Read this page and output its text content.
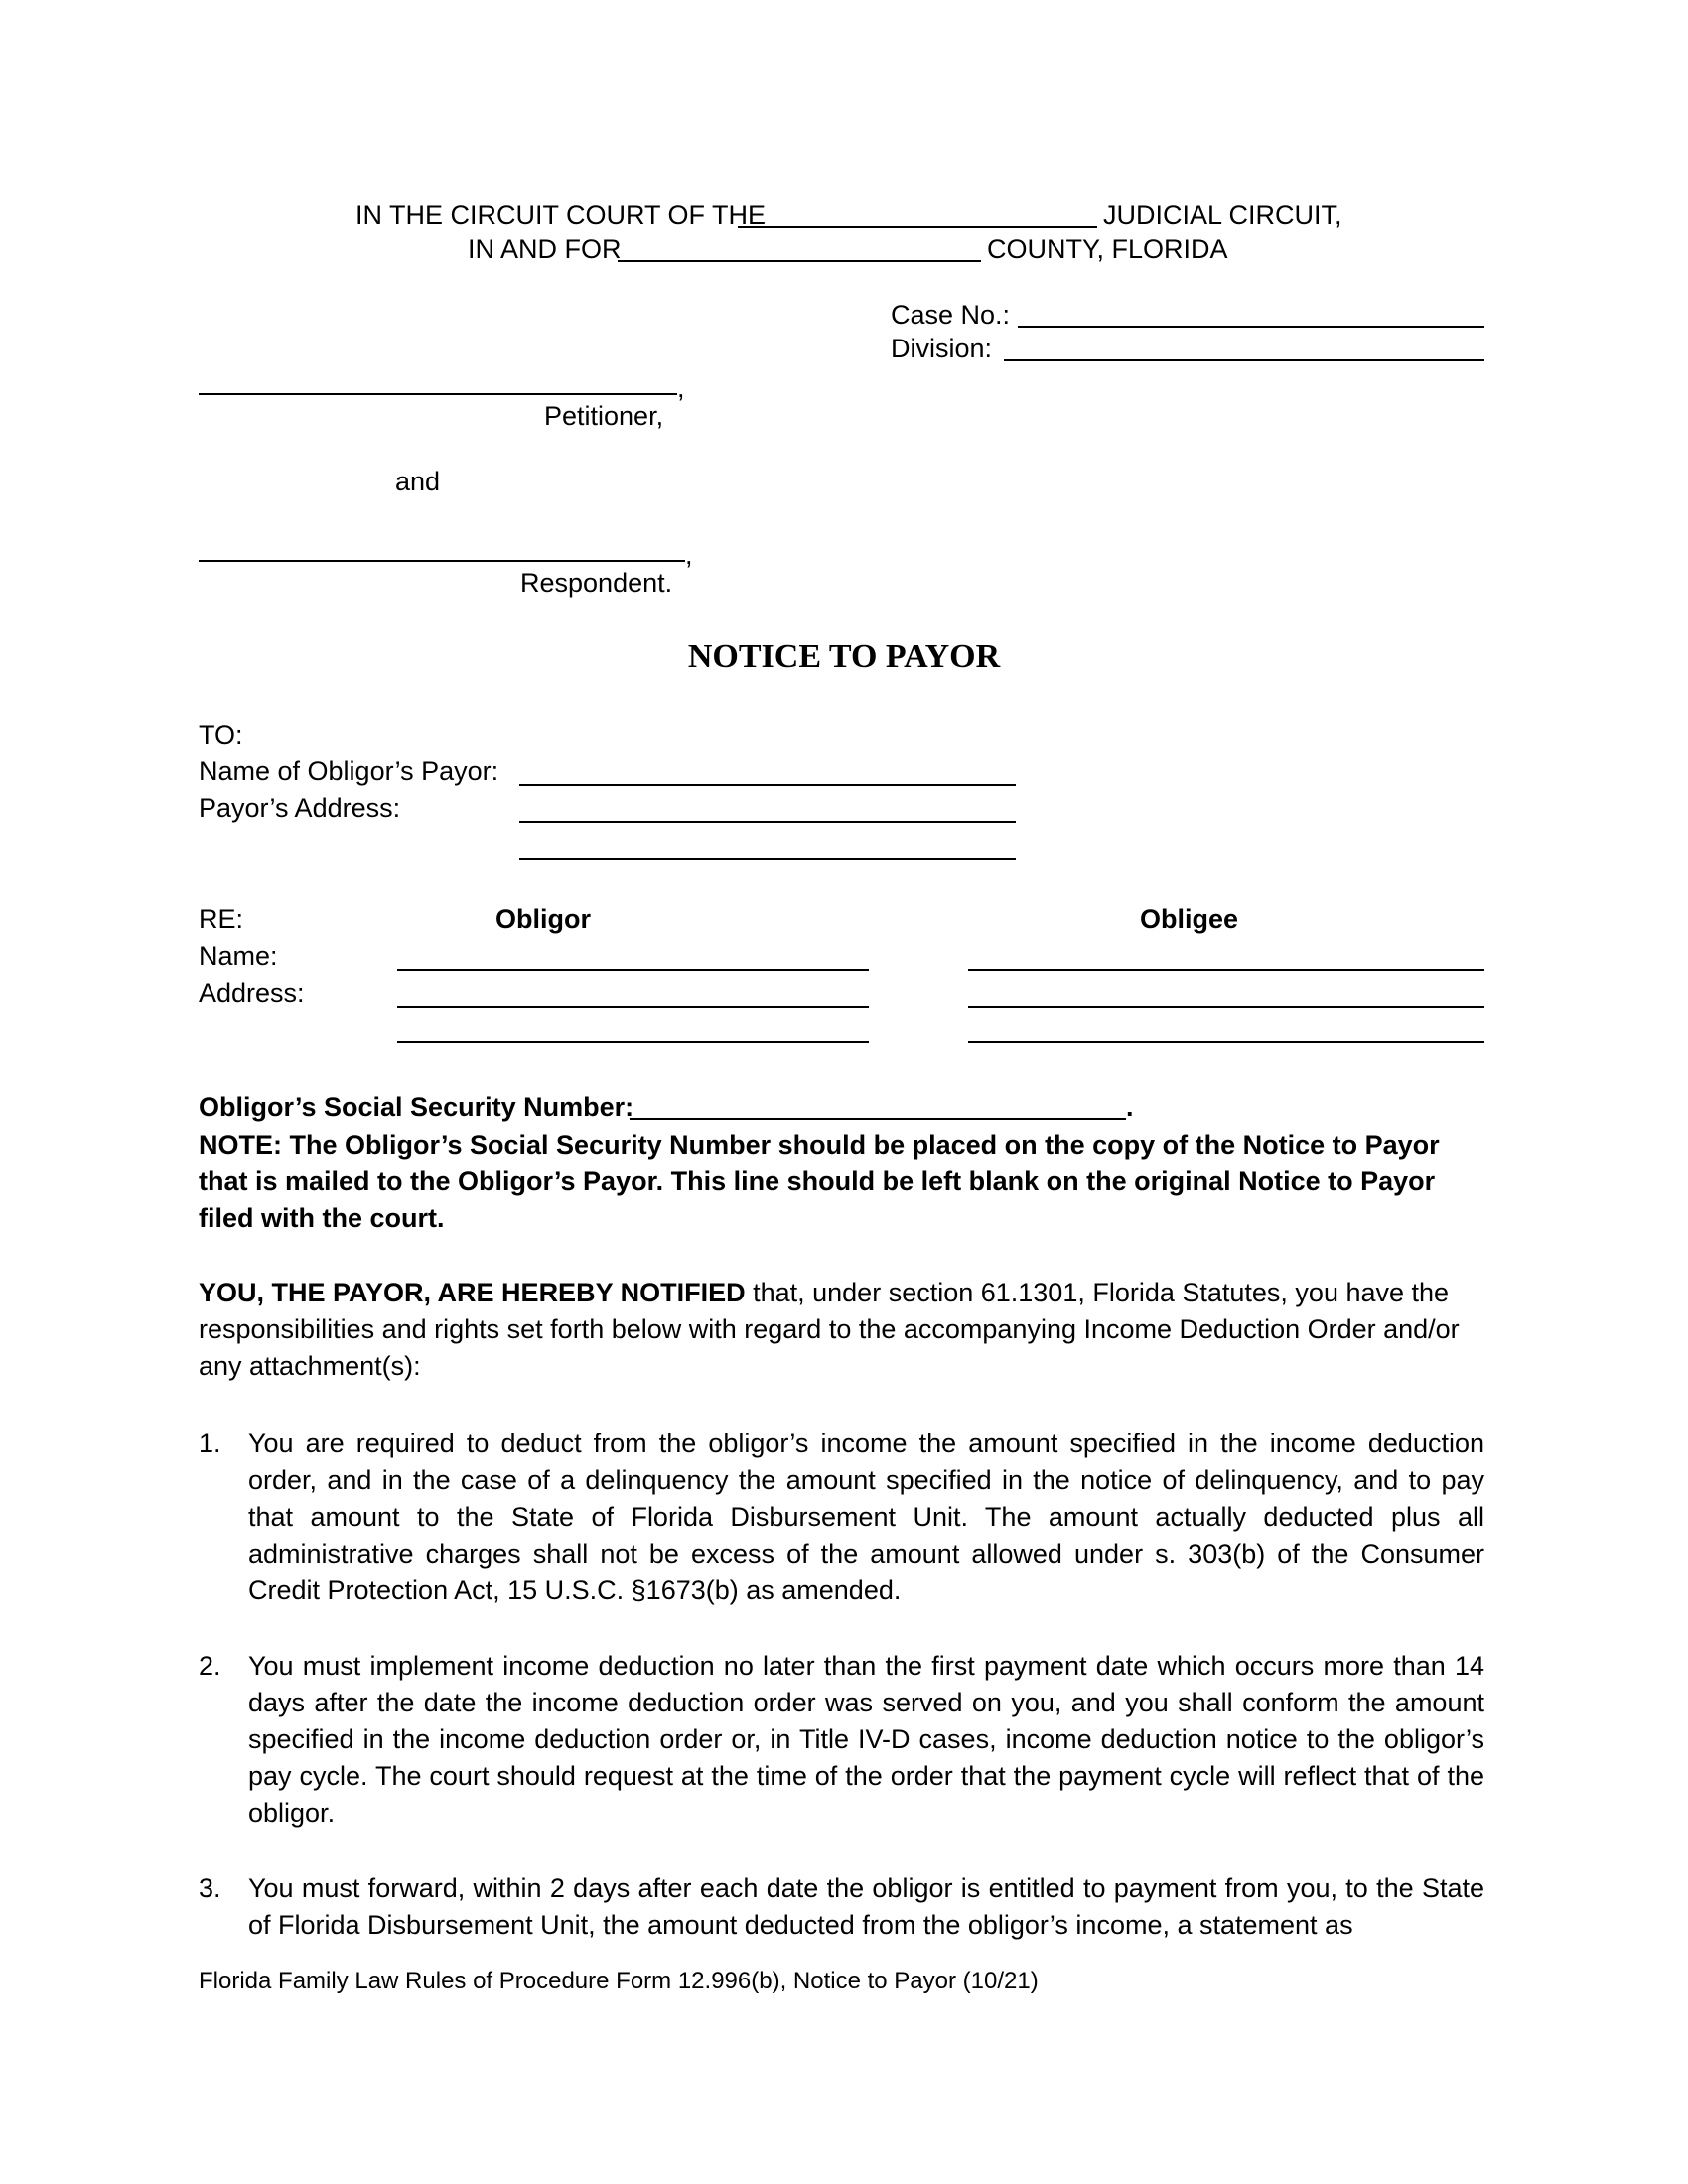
IN THE CIRCUIT COURT OF THE	JUDICIAL CIRCUIT,
IN AND FOR	COUNTY, FLORIDA
Case No.:
Division:
,
Petitioner,
and
,
Respondent.
NOTICE TO PAYOR
TO:
Name of Obligor’s Payor:
Payor’s Address:
RE:	Obligor	Obligee
Name:
Address:
Obligor’s Social Security Number:	.
NOTE: The Obligor’s Social Security Number should be placed on the copy of the Notice to Payor that is mailed to the Obligor’s Payor. This line should be left blank on the original Notice to Payor filed with the court.
YOU, THE PAYOR, ARE HEREBY NOTIFIED that, under section 61.1301, Florida Statutes, you have the responsibilities and rights set forth below with regard to the accompanying Income Deduction Order and/or any attachment(s):
1. You are required to deduct from the obligor’s income the amount specified in the income deduction order, and in the case of a delinquency the amount specified in the notice of delinquency, and to pay that amount to the State of Florida Disbursement Unit. The amount actually deducted plus all administrative charges shall not be excess of the amount allowed under s. 303(b) of the Consumer Credit Protection Act, 15 U.S.C. §1673(b) as amended.
2. You must implement income deduction no later than the first payment date which occurs more than 14 days after the date the income deduction order was served on you, and you shall conform the amount specified in the income deduction order or, in Title IV-D cases, income deduction notice to the obligor’s pay cycle. The court should request at the time of the order that the payment cycle will reflect that of the obligor.
3. You must forward, within 2 days after each date the obligor is entitled to payment from you, to the State of Florida Disbursement Unit, the amount deducted from the obligor’s income, a statement as
Florida Family Law Rules of Procedure Form 12.996(b), Notice to Payor (10/21)
